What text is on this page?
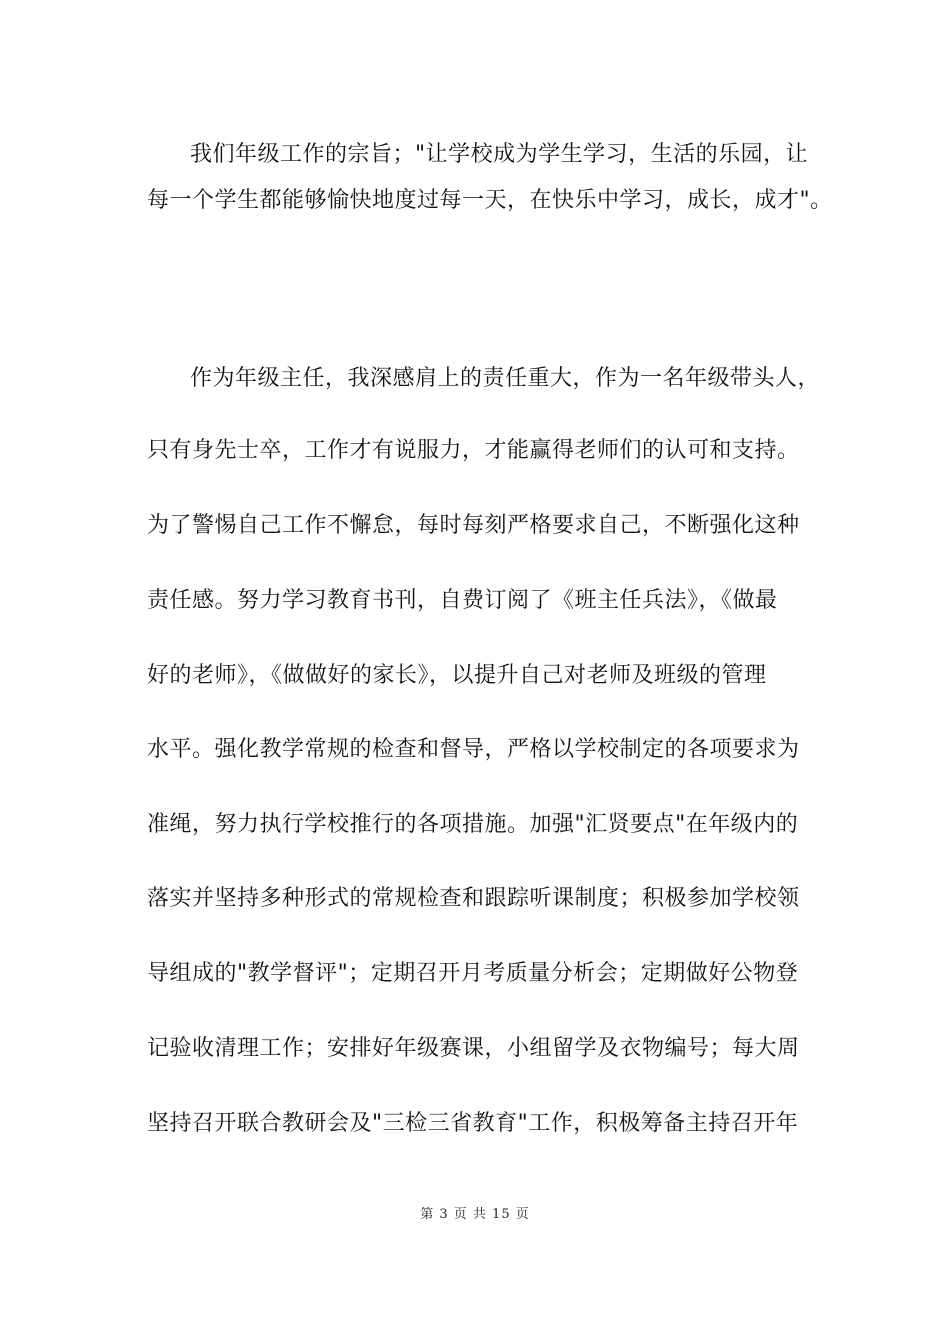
我们年级工作的宗旨；"让学校成为学生学习，生活的乐园，让
每一个学生都能够愉快地度过每一天，在快乐中学习，成长，成才"。
作为年级主任，我深感肩上的责任重大，作为一名年级带头人，
只有身先士卒，工作才有说服力，才能赢得老师们的认可和支持。
为了警惕自己工作不懈怠，每时每刻严格要求自己，不断强化这种
责任感。努力学习教育书刊，自费订阅了《班主任兵法》，《做最
好的老师》，《做做好的家长》，以提升自己对老师及班级的管理
水平。强化教学常规的检查和督导，严格以学校制定的各项要求为
准绳，努力执行学校推行的各项措施。加强"汇贤要点"在年级内的
落实并坚持多种形式的常规检查和跟踪听课制度；积极参加学校领
导组成的"教学督评"；定期召开月考质量分析会；定期做好公物登
记验收清理工作；安排好年级赛课，小组留学及衣物编号；每大周
坚持召开联合教研会及"三检三省教育"工作，积极筹备主持召开年
第 3 页 共 15 页
